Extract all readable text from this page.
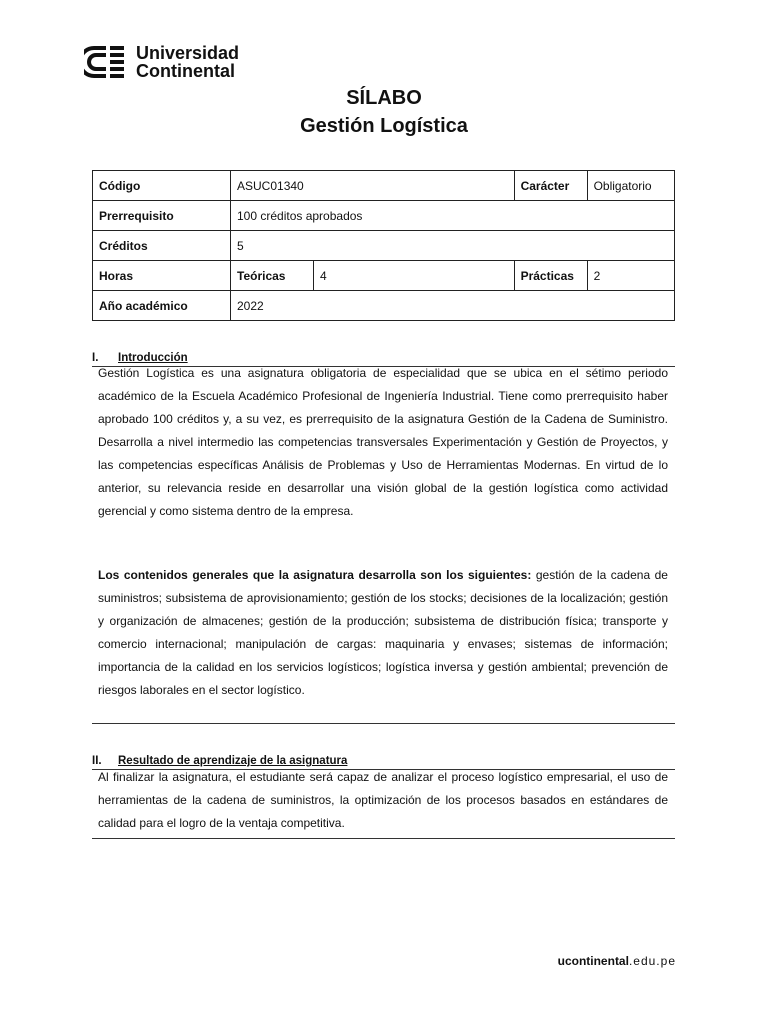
Universidad
Continental
SÍLABO
Gestión Logística
Código	ASUC01340		Carácter	Obligatorio
Prerrequisito	100 créditos aprobados			
Créditos	5			
Horas	Teóricas	4	Prácticas	2
Año académico	2022			
I. Introducción

Gestión Logística es una asignatura obligatoria de especialidad que se ubica en el sétimo periodo académico de la Escuela Académico Profesional de Ingeniería Industrial. Tiene como prerrequisito haber aprobado 100 créditos y, a su vez, es prerrequisito de la asignatura Gestión de la Cadena de Suministro. Desarrolla a nivel intermedio las competencias transversales Experimentación y Gestión de Proyectos, y las competencias específicas Análisis de Problemas y Uso de Herramientas Modernas. En virtud de lo anterior, su relevancia reside en desarrollar una visión global de la gestión logística como actividad gerencial y como sistema dentro de la empresa.

Los contenidos generales que la asignatura desarrolla son los siguientes: gestión de la cadena de suministros; subsistema de aprovisionamiento; gestión de los stocks; decisiones de la localización; gestión y organización de almacenes; gestión de la producción; subsistema de distribución física; transporte y comercio internacional; manipulación de cargas: maquinaria y envases; sistemas de información; importancia de la calidad en los servicios logísticos; logística inversa y gestión ambiental; prevención de riesgos laborales en el sector logístico.

II. Resultado de aprendizaje de la asignatura

Al finalizar la asignatura, el estudiante será capaz de analizar el proceso logístico empresarial, el uso de herramientas de la cadena de suministros, la optimización de los procesos basados en estándares de calidad para el logro de la ventaja competitiva.

ucontinental.edu.pe
